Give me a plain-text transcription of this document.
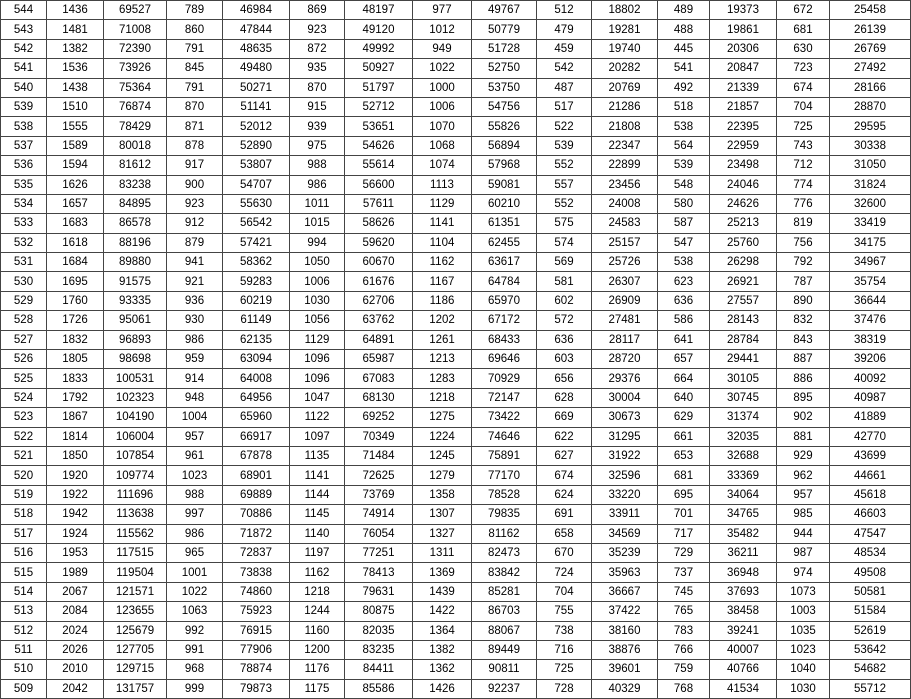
544	1436	69527	789	46984	869	48197	977	49767	512	18802	489	19373	672	25458
543	1481	71008	860	47844	923	49120	1012	50779	479	19281	488	19861	681	26139
542	1382	72390	791	48635	872	49992	949	51728	459	19740	445	20306	630	26769
541	1536	73926	845	49480	935	50927	1022	52750	542	20282	541	20847	723	27492
540	1438	75364	791	50271	870	51797	1000	53750	487	20769	492	21339	674	28166
539	1510	76874	870	51141	915	52712	1006	54756	517	21286	518	21857	704	28870
538	1555	78429	871	52012	939	53651	1070	55826	522	21808	538	22395	725	29595
537	1589	80018	878	52890	975	54626	1068	56894	539	22347	564	22959	743	30338
536	1594	81612	917	53807	988	55614	1074	57968	552	22899	539	23498	712	31050
535	1626	83238	900	54707	986	56600	1113	59081	557	23456	548	24046	774	31824
534	1657	84895	923	55630	1011	57611	1129	60210	552	24008	580	24626	776	32600
533	1683	86578	912	56542	1015	58626	1141	61351	575	24583	587	25213	819	33419
532	1618	88196	879	57421	994	59620	1104	62455	574	25157	547	25760	756	34175
531	1684	89880	941	58362	1050	60670	1162	63617	569	25726	538	26298	792	34967
530	1695	91575	921	59283	1006	61676	1167	64784	581	26307	623	26921	787	35754
529	1760	93335	936	60219	1030	62706	1186	65970	602	26909	636	27557	890	36644
528	1726	95061	930	61149	1056	63762	1202	67172	572	27481	586	28143	832	37476
527	1832	96893	986	62135	1129	64891	1261	68433	636	28117	641	28784	843	38319
526	1805	98698	959	63094	1096	65987	1213	69646	603	28720	657	29441	887	39206
525	1833	100531	914	64008	1096	67083	1283	70929	656	29376	664	30105	886	40092
524	1792	102323	948	64956	1047	68130	1218	72147	628	30004	640	30745	895	40987
523	1867	104190	1004	65960	1122	69252	1275	73422	669	30673	629	31374	902	41889
522	1814	106004	957	66917	1097	70349	1224	74646	622	31295	661	32035	881	42770
521	1850	107854	961	67878	1135	71484	1245	75891	627	31922	653	32688	929	43699
520	1920	109774	1023	68901	1141	72625	1279	77170	674	32596	681	33369	962	44661
519	1922	111696	988	69889	1144	73769	1358	78528	624	33220	695	34064	957	45618
518	1942	113638	997	70886	1145	74914	1307	79835	691	33911	701	34765	985	46603
517	1924	115562	986	71872	1140	76054	1327	81162	658	34569	717	35482	944	47547
516	1953	117515	965	72837	1197	77251	1311	82473	670	35239	729	36211	987	48534
515	1989	119504	1001	73838	1162	78413	1369	83842	724	35963	737	36948	974	49508
514	2067	121571	1022	74860	1218	79631	1439	85281	704	36667	745	37693	1073	50581
513	2084	123655	1063	75923	1244	80875	1422	86703	755	37422	765	38458	1003	51584
512	2024	125679	992	76915	1160	82035	1364	88067	738	38160	783	39241	1035	52619
511	2026	127705	991	77906	1200	83235	1382	89449	716	38876	766	40007	1023	53642
510	2010	129715	968	78874	1176	84411	1362	90811	725	39601	759	40766	1040	54682
509	2042	131757	999	79873	1175	85586	1426	92237	728	40329	768	41534	1030	55712
